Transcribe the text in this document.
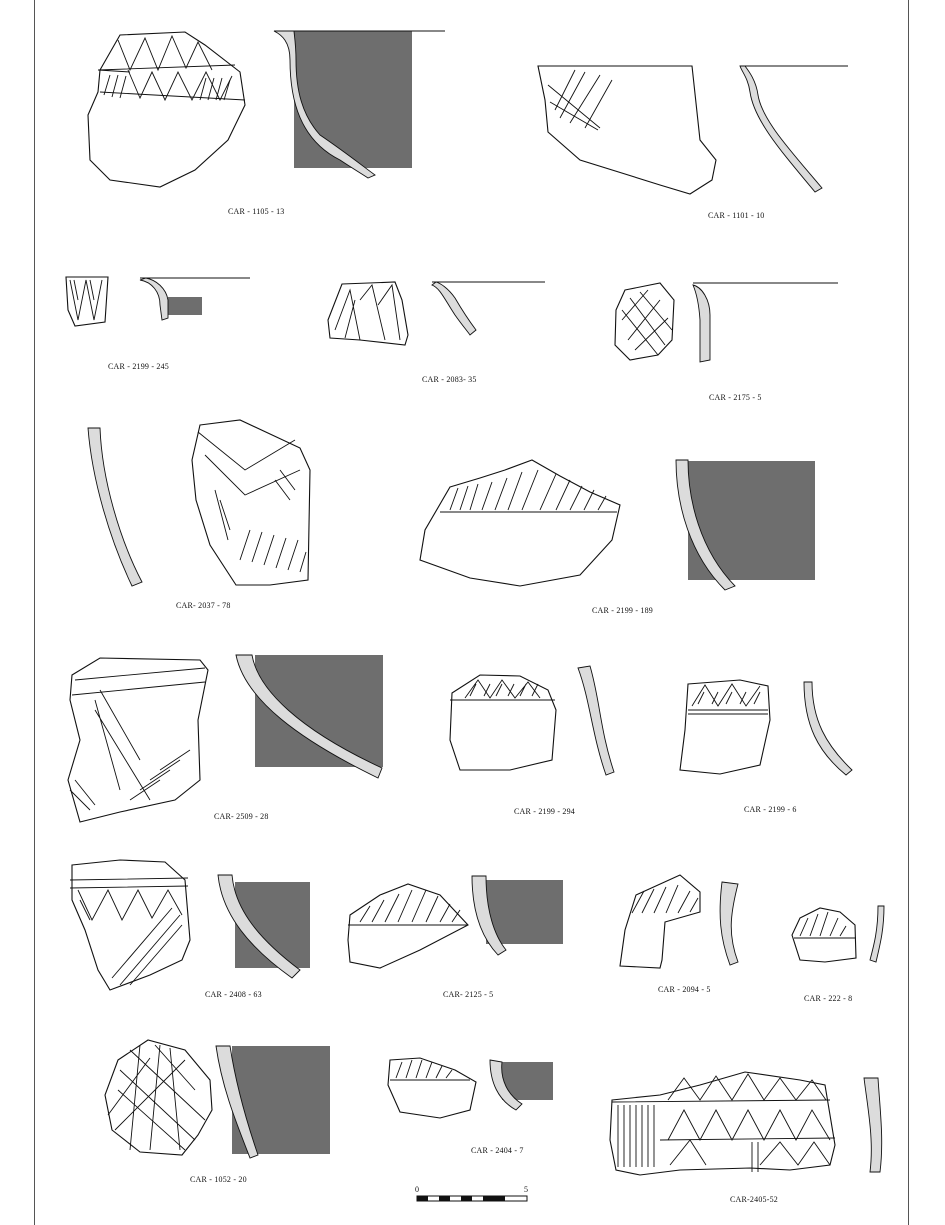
CAR - 1105 - 13	CAR - 1101 - 10
CAR - 2199 - 245
CAR - 2083- 35
CAR - 2175 - 5
CAR- 2037 - 78
CAR - 2199 - 189
CAR- 2509 - 28
CAR - 2199 - 294	CAR - 2199 - 6
CAR - 2408 - 63	CAR- 2125 - 5
CAR - 2094 - 5
CAR - 222 - 8
CAR - 1052 - 20
CAR - 2404 - 7
CAR-2405-52
0	5
